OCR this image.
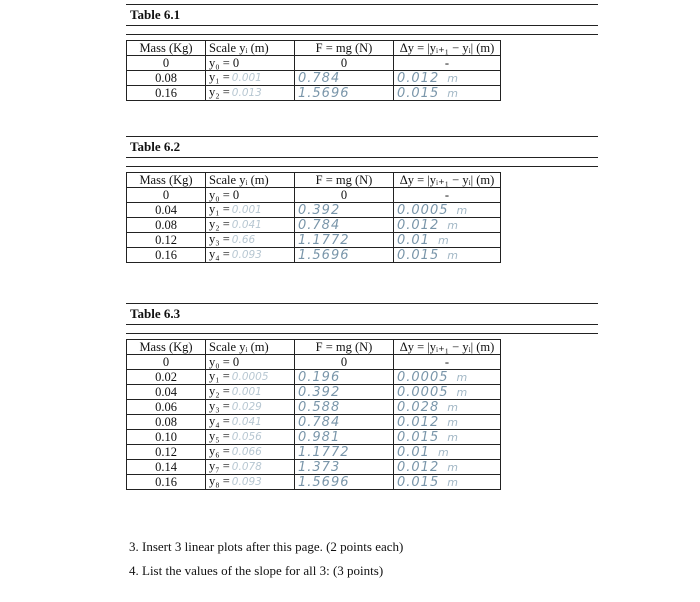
Table 6.1
Mass (Kg)	Scale yᵢ (m)	F = mg (N)	Δy = |yᵢ₊₁ − yᵢ| (m)
0	y₀ = 0	0	-
0.08	y₁ = 0.001	0.784	0.012 m
0.16	y₂ = 0.013	1.5696	0.015 m
Table 6.2
Mass (Kg)	Scale yᵢ (m)	F = mg (N)	Δy = |yᵢ₊₁ − yᵢ| (m)
0	y₀ = 0	0	-
0.04	y₁ = 0.001	0.392	0.0005 m
0.08	y₂ = 0.041	0.784	0.012 m
0.12	y₃ = 0.66	1.1772	0.01 m
0.16	y₄ = 0.093	1.5696	0.015 m
Table 6.3
Mass (Kg)	Scale yᵢ (m)	F = mg (N)	Δy = |yᵢ₊₁ − yᵢ| (m)
0	y₀ = 0	0	-
0.02	y₁ = 0.0005	0.196	0.0005 m
0.04	y₂ = 0.001	0.392	0.0005 m
0.06	y₃ = 0.029	0.588	0.028 m
0.08	y₄ = 0.041	0.784	0.012 m
0.10	y₅ = 0.056	0.981	0.015 m
0.12	y₆ = 0.066	1.1772	0.01 m
0.14	y₇ = 0.078	1.373	0.012 m
0.16	y₈ = 0.093	1.5696	0.015 m
3. Insert 3 linear plots after this page. (2 points each)
4. List the values of the slope for all 3: (3 points)
